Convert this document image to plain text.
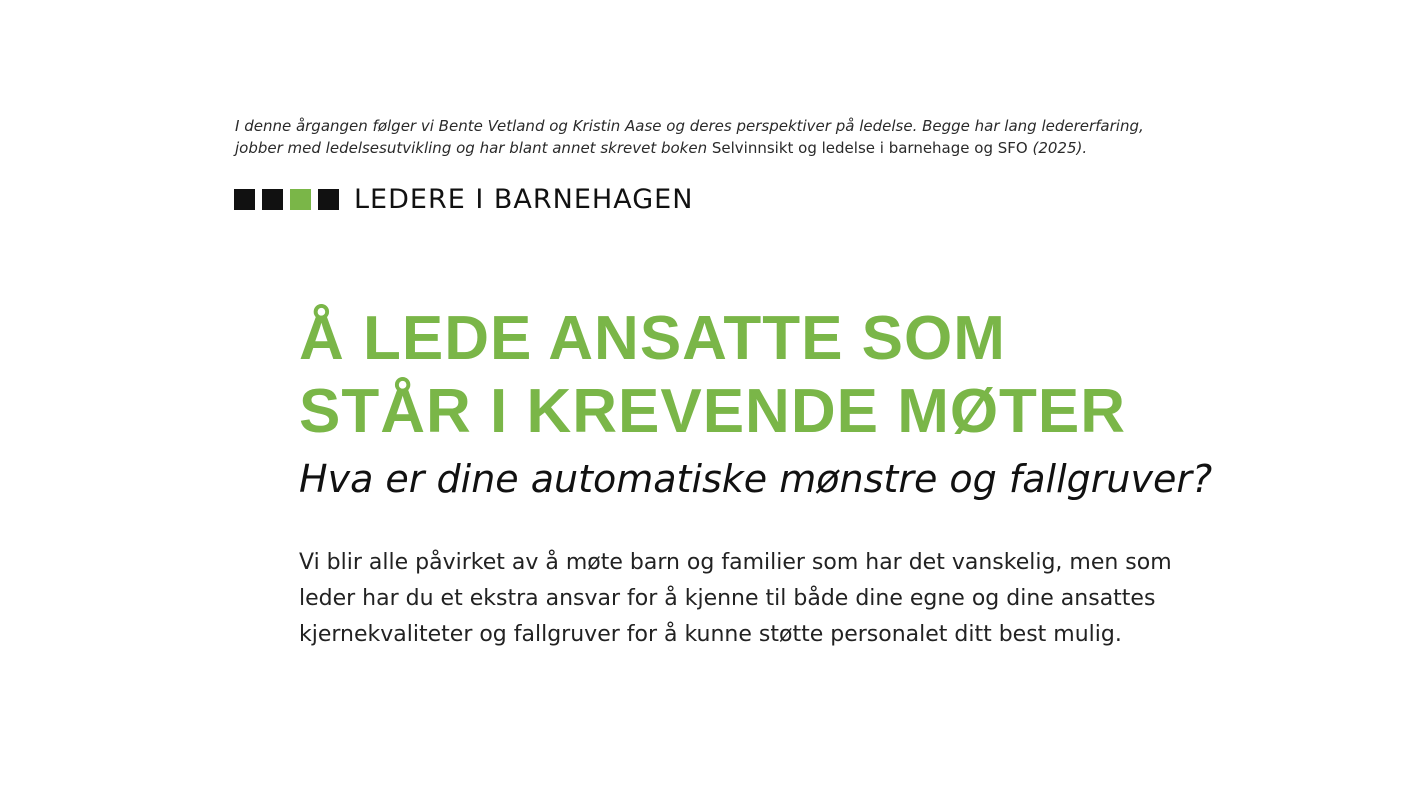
I denne årgangen følger vi Bente Vetland og Kristin Aase og deres perspektiver på ledelse. Begge har lang ledererfaring,
jobber med ledelsesutvikling og har blant annet skrevet boken Selvinnsikt og ledelse i barnehage og SFO (2025).
LEDERE I BARNEHAGEN
Å LEDE ANSATTE SOM
STÅR I KREVENDE MØTER
Hva er dine automatiske mønstre og fallgruver?

Vi blir alle påvirket av å møte barn og familier som har det vanskelig, men som
leder har du et ekstra ansvar for å kjenne til både dine egne og dine ansattes
kjernekvaliteter og fallgruver for å kunne støtte personalet ditt best mulig.
